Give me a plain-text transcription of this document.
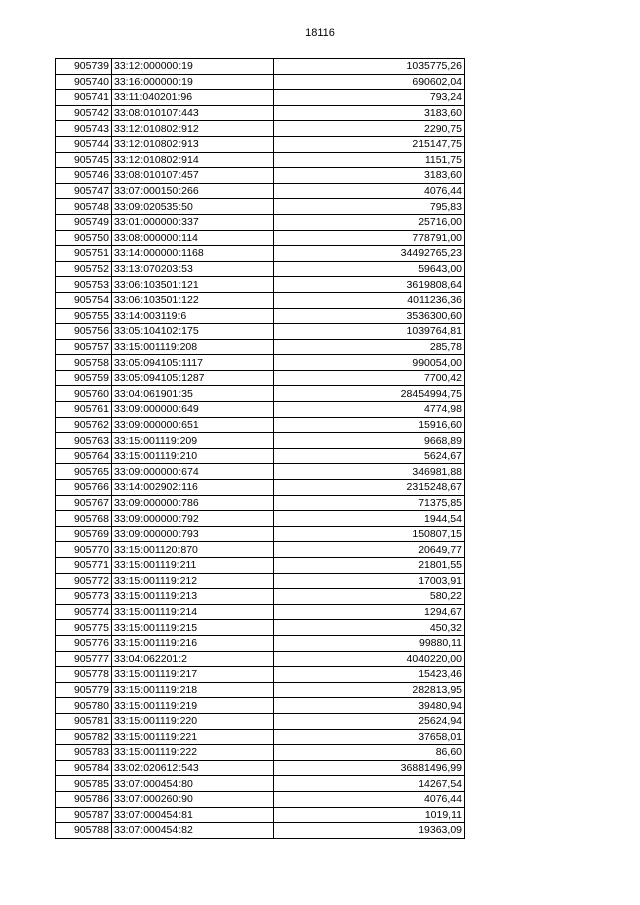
18116
905739	33:12:000000:19	1035775,26
905740	33:16:000000:19	690602,04
905741	33:11:040201:96	793,24
905742	33:08:010107:443	3183,60
905743	33:12:010802:912	2290,75
905744	33:12:010802:913	215147,75
905745	33:12:010802:914	1151,75
905746	33:08:010107:457	3183,60
905747	33:07:000150:266	4076,44
905748	33:09:020535:50	795,83
905749	33:01:000000:337	25716,00
905750	33:08:000000:114	778791,00
905751	33:14:000000:1168	34492765,23
905752	33:13:070203:53	59643,00
905753	33:06:103501:121	3619808,64
905754	33:06:103501:122	4011236,36
905755	33:14:003119:6	3536300,60
905756	33:05:104102:175	1039764,81
905757	33:15:001119:208	285,78
905758	33:05:094105:1117	990054,00
905759	33:05:094105:1287	7700,42
905760	33:04:061901:35	28454994,75
905761	33:09:000000:649	4774,98
905762	33:09:000000:651	15916,60
905763	33:15:001119:209	9668,89
905764	33:15:001119:210	5624,67
905765	33:09:000000:674	346981,88
905766	33:14:002902:116	2315248,67
905767	33:09:000000:786	71375,85
905768	33:09:000000:792	1944,54
905769	33:09:000000:793	150807,15
905770	33:15:001120:870	20649,77
905771	33:15:001119:211	21801,55
905772	33:15:001119:212	17003,91
905773	33:15:001119:213	580,22
905774	33:15:001119:214	1294,67
905775	33:15:001119:215	450,32
905776	33:15:001119:216	99880,11
905777	33:04:062201:2	4040220,00
905778	33:15:001119:217	15423,46
905779	33:15:001119:218	282813,95
905780	33:15:001119:219	39480,94
905781	33:15:001119:220	25624,94
905782	33:15:001119:221	37658,01
905783	33:15:001119:222	86,60
905784	33:02:020612:543	36881496,99
905785	33:07:000454:80	14267,54
905786	33:07:000260:90	4076,44
905787	33:07:000454:81	1019,11
905788	33:07:000454:82	19363,09
